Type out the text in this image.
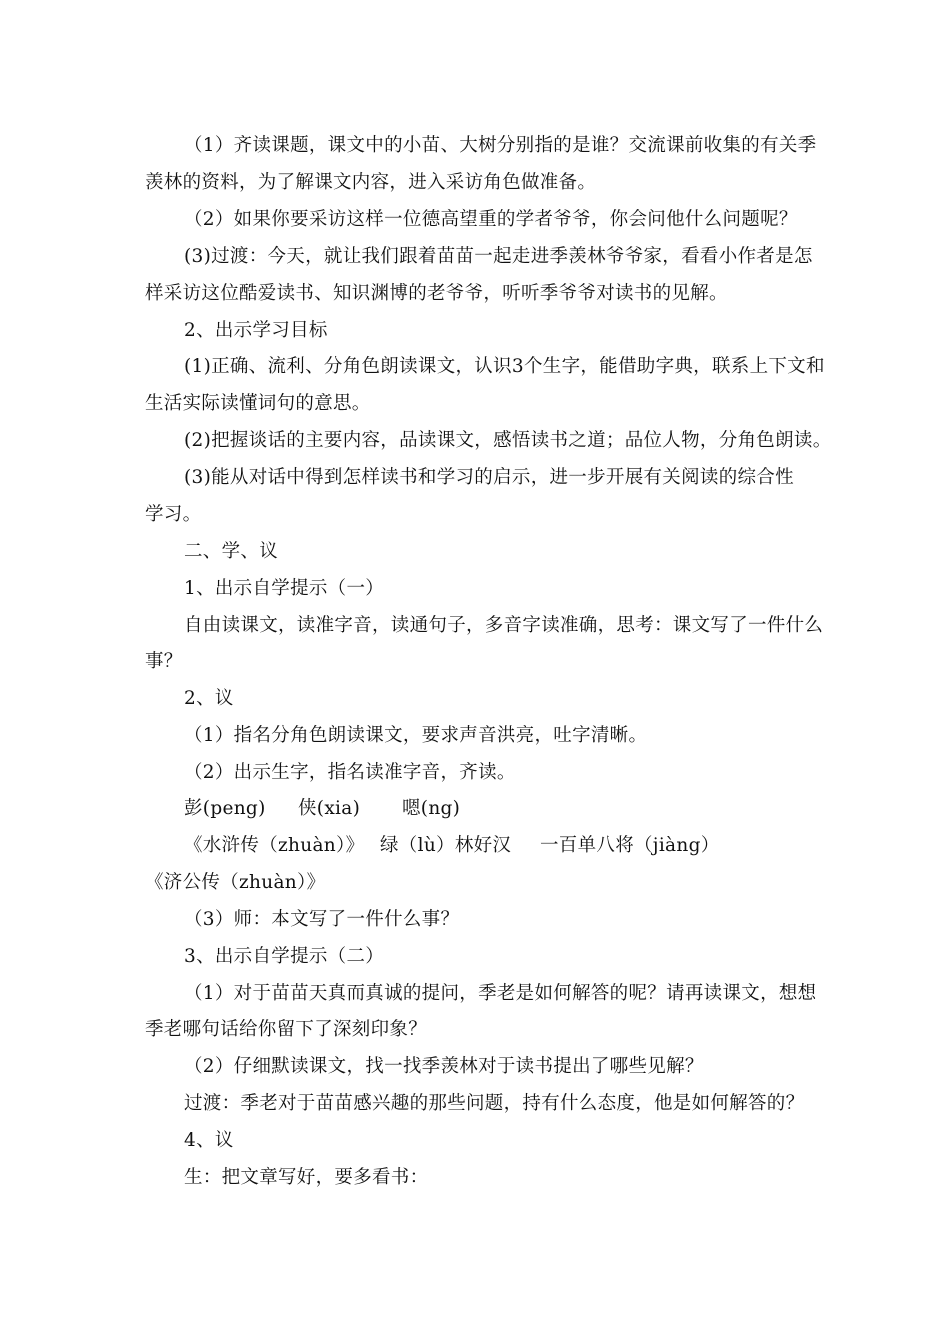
（1）齐读课题，课文中的小苗、大树分别指的是谁？交流课前收集的有关季
羡林的资料，为了解课文内容，进入采访角色做准备。
（2）如果你要采访这样一位德高望重的学者爷爷，你会问他什么问题呢？
(3)过渡：今天，就让我们跟着苗苗一起走进季羡林爷爷家，看看小作者是怎
样采访这位酷爱读书、知识渊博的老爷爷，听听季爷爷对读书的见解。
2、出示学习目标
(1)正确、流利、分角色朗读课文，认识3个生字，能借助字典，联系上下文和
生活实际读懂词句的意思。
(2)把握谈话的主要内容，品读课文，感悟读书之道；品位人物，分角色朗读。
(3)能从对话中得到怎样读书和学习的启示，进一步开展有关阅读的综合性
学习。
二、学、议
1、出示自学提示（一）
自由读课文，读准字音，读通句子，多音字读准确，思考：课文写了一件什么
事？
2、议
（1）指名分角色朗读课文，要求声音洪亮，吐字清晰。
（2）出示生字，指名读准字音，齐读。
彭(peng) 侠(xia) 嗯(ng)
《水浒传（zhuàn）》 绿（lù）林好汉 一百单八将（jiàng）
《济公传（zhuàn）》
（3）师：本文写了一件什么事？
3、出示自学提示（二）
（1）对于苗苗天真而真诚的提问，季老是如何解答的呢？请再读课文，想想
季老哪句话给你留下了深刻印象？
（2）仔细默读课文，找一找季羡林对于读书提出了哪些见解？
过渡：季老对于苗苗感兴趣的那些问题，持有什么态度，他是如何解答的？
4、议
生：把文章写好，要多看书：
